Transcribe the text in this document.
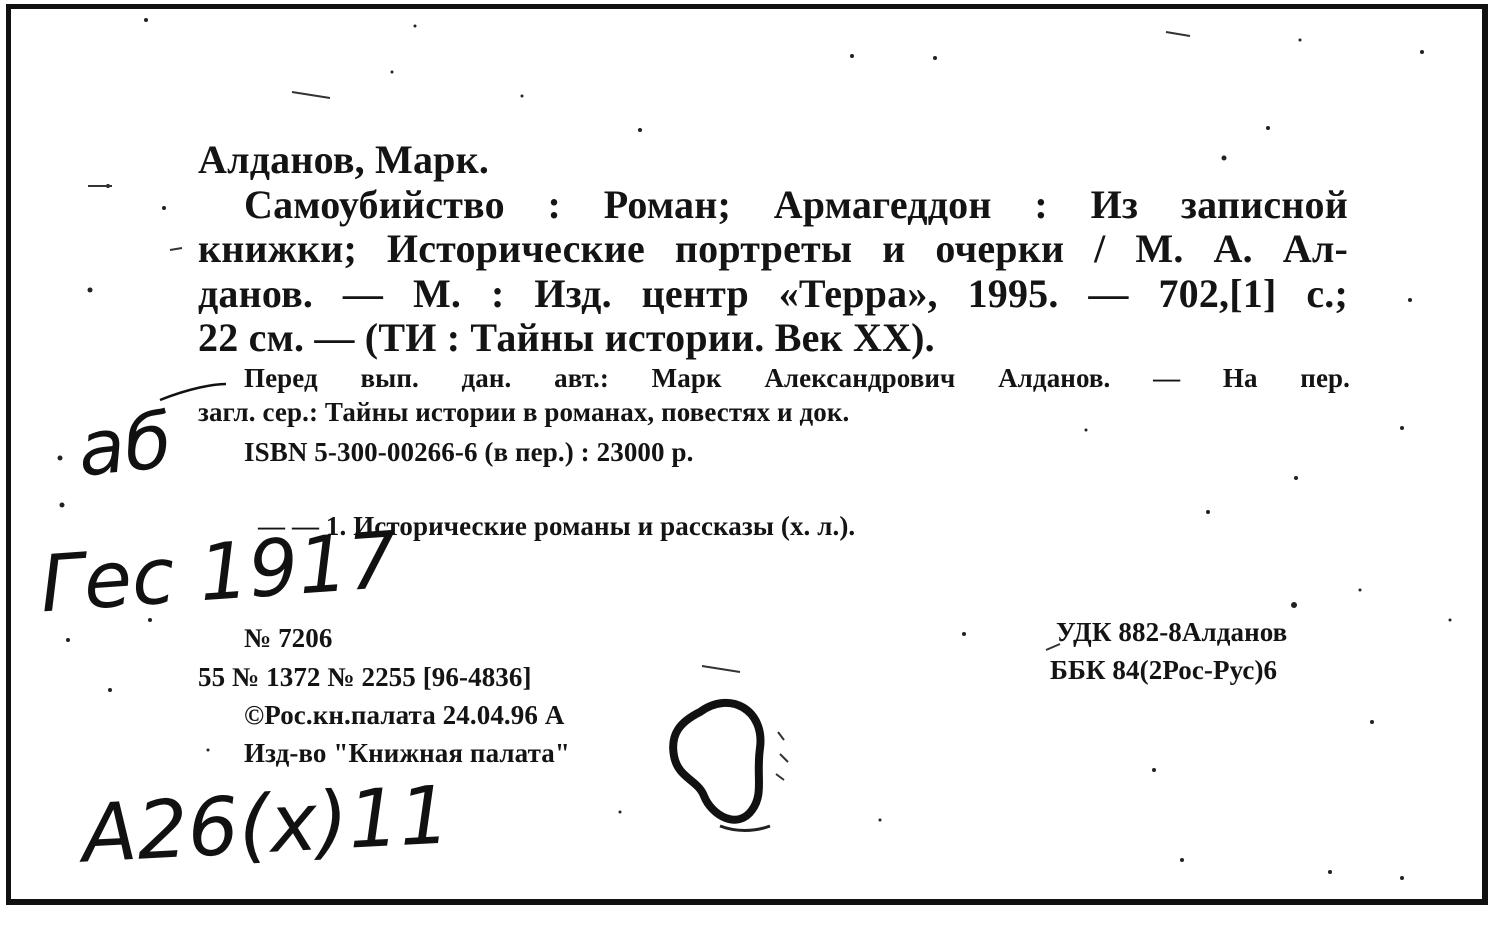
Алданов, Марк.
Самоубийство : Роман; Армагеддон : Из записной
книжки; Исторические портреты и очерки / М. А. Ал-
данов. — М. : Изд. центр «Терра», 1995. — 702,[1] с.;
22 см. — (ТИ : Тайны истории. Век XX).
Перед вып. дан. авт.: Марк Александрович Алданов. — На пер.
загл. сер.: Тайны истории в романах, повестях и док.
ISBN 5-300-00266-6 (в пер.) : 23000 р.
— — 1. Исторические романы и рассказы (х. л.).
№ 7206
55 № 1372 № 2255 [96-4836]
©Рос.кн.палата 24.04.96 А
Изд-во "Книжная палата"
УДК 882-8Алданов
ББК 84(2Рос-Рус)6
аб
Гес 1917
А26(х)11
